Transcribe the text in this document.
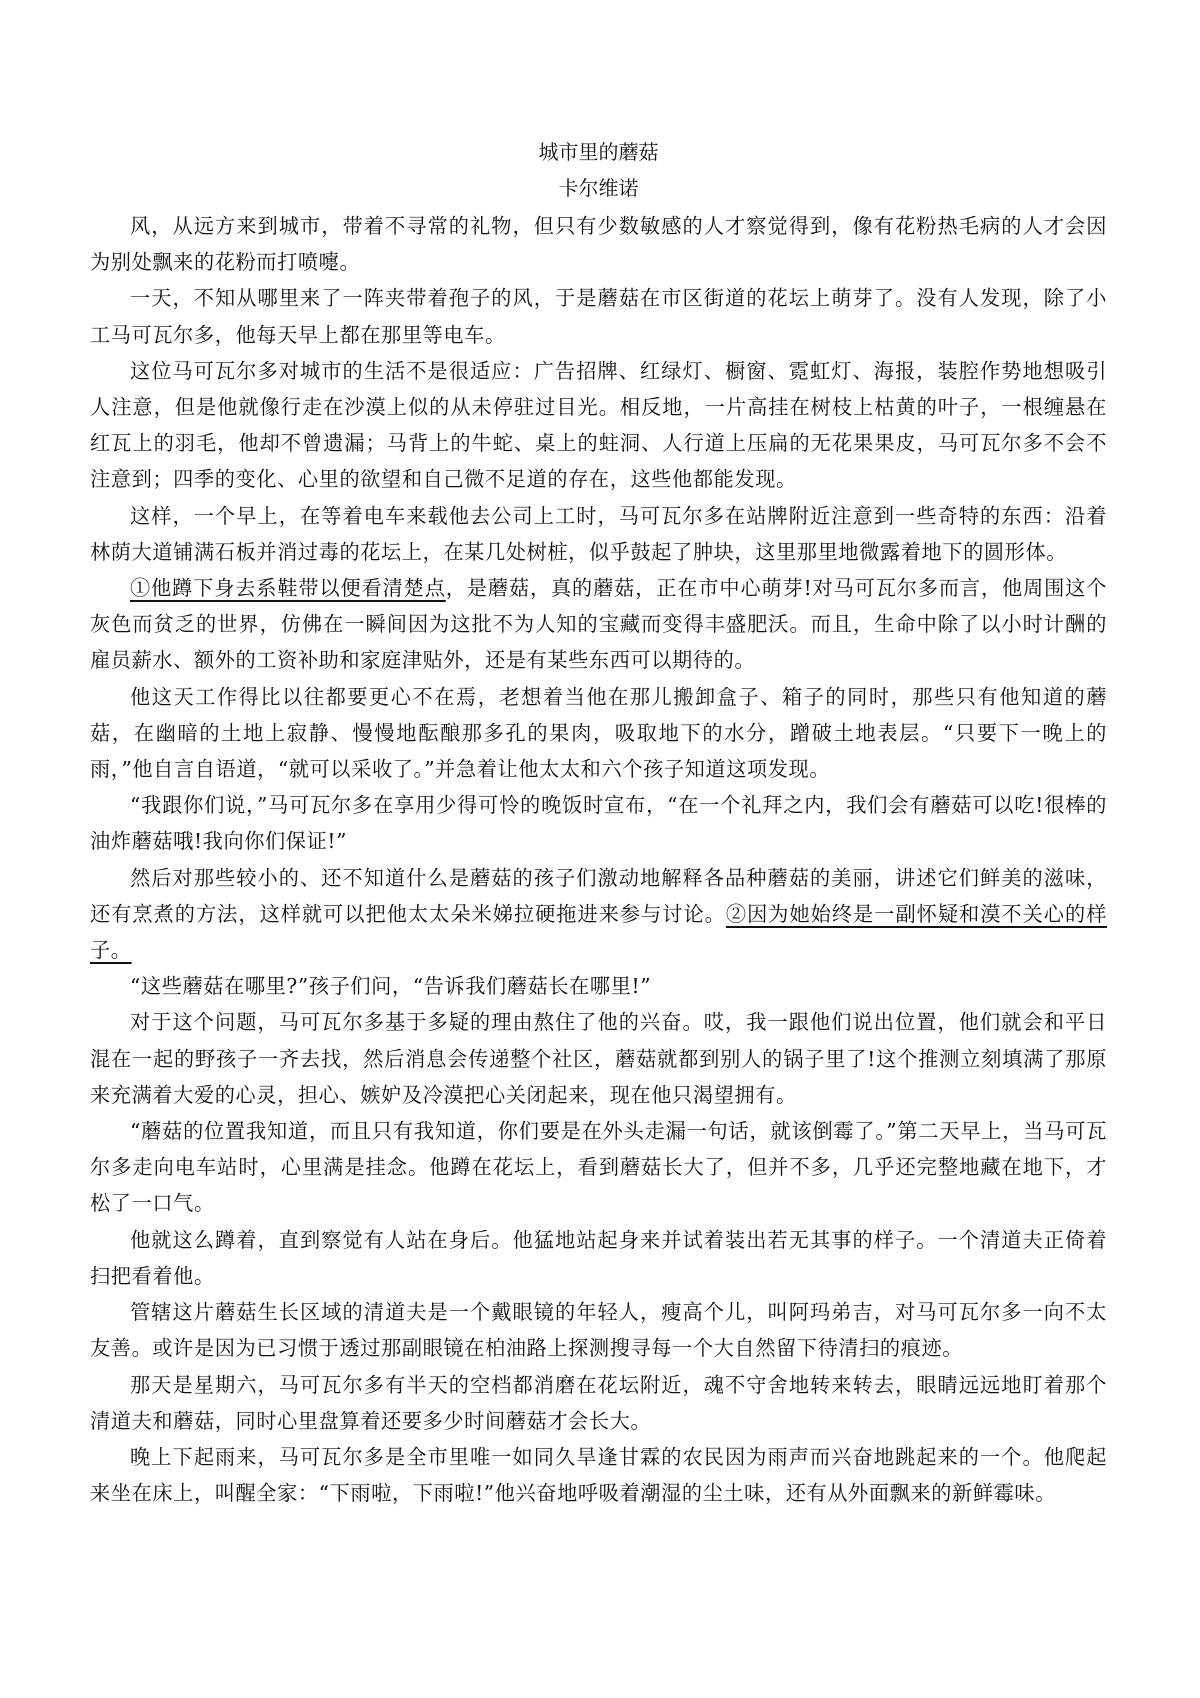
城市里的蘑菇
卡尔维诺

风，从远方来到城市，带着不寻常的礼物，但只有少数敏感的人才察觉得到，像有花粉热毛病的人才会因为别处飘来的花粉而打喷嚏。

一天，不知从哪里来了一阵夹带着孢子的风，于是蘑菇在市区街道的花坛上萌芽了。没有人发现，除了小工马可瓦尔多，他每天早上都在那里等电车。

这位马可瓦尔多对城市的生活不是很适应：广告招牌、红绿灯、橱窗、霓虹灯、海报，装腔作势地想吸引人注意，但是他就像行走在沙漠上似的从未停驻过目光。相反地，一片高挂在树枝上枯黄的叶子，一根缠悬在红瓦上的羽毛，他却不曾遗漏；马背上的牛蛇、桌上的蛀洞、人行道上压扁的无花果果皮，马可瓦尔多不会不注意到；四季的变化、心里的欲望和自己微不足道的存在，这些他都能发现。

这样，一个早上，在等着电车来载他去公司上工时，马可瓦尔多在站牌附近注意到一些奇特的东西：沿着林荫大道铺满石板并消过毒的花坛上，在某几处树桩，似乎鼓起了肿块，这里那里地微露着地下的圆形体。

①他蹲下身去系鞋带以便看清楚点，是蘑菇，真的蘑菇，正在市中心萌芽!对马可瓦尔多而言，他周围这个灰色而贫乏的世界，仿佛在一瞬间因为这批不为人知的宝藏而变得丰盛肥沃。而且，生命中除了以小时计酬的雇员薪水、额外的工资补助和家庭津贴外，还是有某些东西可以期待的。

他这天工作得比以往都要更心不在焉，老想着当他在那儿搬卸盒子、箱子的同时，那些只有他知道的蘑菇，在幽暗的土地上寂静、慢慢地酝酿那多孔的果肉，吸取地下的水分，蹭破土地表层。“只要下一晚上的雨，”他自言自语道，“就可以采收了。”并急着让他太太和六个孩子知道这项发现。

“我跟你们说，”马可瓦尔多在享用少得可怜的晚饭时宣布，“在一个礼拜之内，我们会有蘑菇可以吃!很棒的油炸蘑菇哦!我向你们保证!”

然后对那些较小的、还不知道什么是蘑菇的孩子们激动地解释各品种蘑菇的美丽，讲述它们鲜美的滋味，还有烹煮的方法，这样就可以把他太太朵米娣拉硬拖进来参与讨论。②因为她始终是一副怀疑和漠不关心的样子。

“这些蘑菇在哪里?”孩子们问，“告诉我们蘑菇长在哪里!”

对于这个问题，马可瓦尔多基于多疑的理由熬住了他的兴奋。哎，我一跟他们说出位置，他们就会和平日混在一起的野孩子一齐去找，然后消息会传递整个社区，蘑菇就都到别人的锅子里了!这个推测立刻填满了那原来充满着大爱的心灵，担心、嫉妒及冷漠把心关闭起来，现在他只渴望拥有。

“蘑菇的位置我知道，而且只有我知道，你们要是在外头走漏一句话，就该倒霉了。”第二天早上，当马可瓦尔多走向电车站时，心里满是挂念。他蹲在花坛上，看到蘑菇长大了，但并不多，几乎还完整地藏在地下，才松了一口气。

他就这么蹲着，直到察觉有人站在身后。他猛地站起身来并试着装出若无其事的样子。一个清道夫正倚着扫把看着他。

管辖这片蘑菇生长区域的清道夫是一个戴眼镜的年轻人，瘦高个儿，叫阿玛弟吉，对马可瓦尔多一向不太友善。或许是因为已习惯于透过那副眼镜在柏油路上探测搜寻每一个大自然留下待清扫的痕迹。

那天是星期六，马可瓦尔多有半天的空档都消磨在花坛附近，魂不守舍地转来转去，眼睛远远地盯着那个清道夫和蘑菇，同时心里盘算着还要多少时间蘑菇才会长大。

晚上下起雨来，马可瓦尔多是全市里唯一如同久旱逢甘霖的农民因为雨声而兴奋地跳起来的一个。他爬起来坐在床上，叫醒全家：“下雨啦，下雨啦!”他兴奋地呼吸着潮湿的尘土味，还有从外面飘来的新鲜霉味。
